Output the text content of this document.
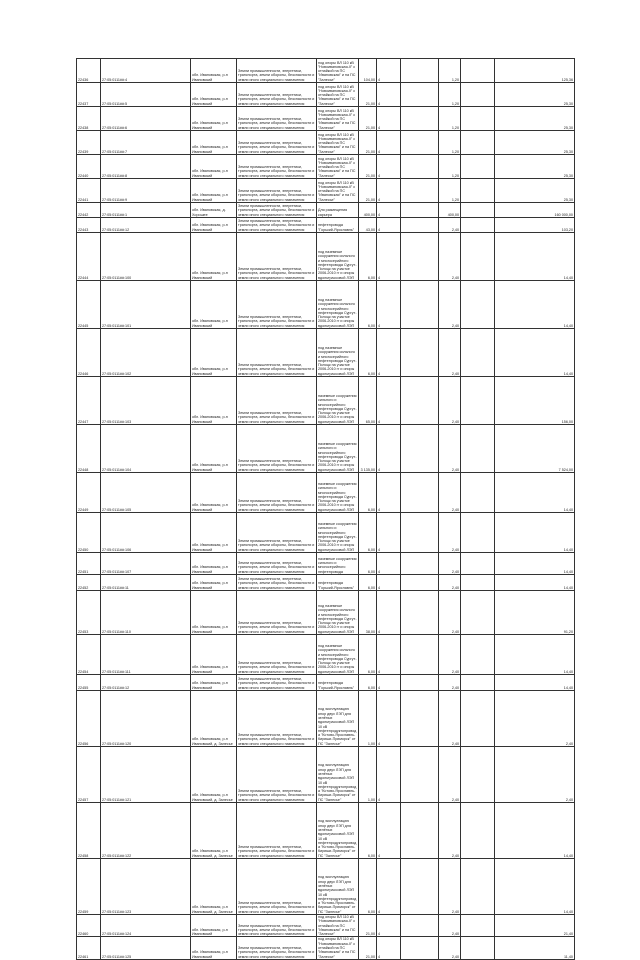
22436	27:05:0111##:4	обл. Ивановская, р-н Ивановский	Земли промышленности, энергетики, транспорта, земли обороны, безопасности и земли иного специального назначения	под опоры ВЛ 110 кВ "Новоивановская-II" с отпайкой на ПС "Ивановская" и на ПС "Залесье"	104,00	4		1,20		125,36
22437	27:05:0111##:5	обл. Ивановская, р-н Ивановский	Земли промышленности, энергетики, транспорта, земли обороны, безопасности и земли иного специального назначения	под опоры ВЛ 110 кВ "Новоивановская-II" с отпайкой на ПС "Ивановская" и на ПС "Залесье"	21,00	4		1,20		25,30
22438	27:05:0111##:6	обл. Ивановская, р-н Ивановский	Земли промышленности, энергетики, транспорта, земли обороны, безопасности и земли иного специального назначения	под опоры ВЛ 110 кВ "Новоивановская-II" с отпайкой на ПС "Ивановская" и на ПС "Залесье"	21,00	4		1,20		25,30
22439	27:05:0111##:7	обл. Ивановская, р-н Ивановский	Земли промышленности, энергетики, транспорта, земли обороны, безопасности и земли иного специального назначения	под опоры ВЛ 110 кВ "Новоивановская-II" с отпайкой на ПС "Ивановская" и на ПС "Залесье"	21,00	4		1,20		25,30
22440	27:05:0111##:8	обл. Ивановская, р-н Ивановский	Земли промышленности, энергетики, транспорта, земли обороны, безопасности и земли иного специального назначения	под опоры ВЛ 110 кВ "Новоивановская-II" с отпайкой на ПС "Ивановская" и на ПС "Залесье"	21,00	4		1,20		25,30
22441	27:05:0111##:9	обл. Ивановская, р-н Ивановский	Земли промышленности, энергетики, транспорта, земли обороны, безопасности и земли иного специального назначения	под опоры ВЛ 110 кВ "Новоивановская-II" с отпайкой на ПС "Ивановская" и на ПС "Залесье"	21,00	4		1,20		25,30
22442	27:05:0111##:1	обл. Ивановская, д. Хорошее	Земли промышленности, энергетики, транспорта, земли обороны, безопасности и земли иного специального назначения	Для размещения карьера	400,00	4		400,00		160 000,00
22443	27:05:0111##:12	обл. Ивановская, р-н Ивановский	Земли промышленности, энергетики, транспорта, земли обороны, безопасности и земли иного специального назначения	нефтепровода "Горький-Ярославль"	43,00	4		2,40		103,20
22444	27:05:0111##:100	обл. Ивановская, р-н Ивановский	Земли промышленности, энергетики, транспорта, земли обороны, безопасности и земли иного специального назначения	под наземные сооружения сильного и многосерийного нефтепровода Сургут-Полоцк на участке 2006-2010 гг и опоры вдольтрассовой ЛЭП	6,00	4		2,40		14,40
22445	27:05:0111##:101	обл. Ивановская, р-н Ивановский	Земли промышленности, энергетики, транспорта, земли обороны, безопасности и земли иного специального назначения	под наземные сооружения сильного и многосерийного нефтепровода Сургут-Полоцк на участке 2006-2010 гг и опоры вдольтрассовой ЛЭП	6,00	4		2,40		14,40
22446	27:05:0111##:102	обл. Ивановская, р-н Ивановский	Земли промышленности, энергетики, транспорта, земли обороны, безопасности и земли иного специального назначения	под наземные сооружения сильного и многосерийного нефтепровода Сургут-Полоцк на участке 2006-2010 гг и опоры вдольтрассовой ЛЭП	6,00	4		2,40		14,40
22447	27:05:0111##:103	обл. Ивановская, р-н Ивановский	Земли промышленности, энергетики, транспорта, земли обороны, безопасности и земли иного специального назначения	наземные сооружения сильного и многосерийного нефтепровода Сургут-Полоцк на участке 2006-2010 гг и опоры вдольтрассовой ЛЭП	65,00	4		2,40		156,00
22448	27:05:0111##:104	обл. Ивановская, р-н Ивановский	Земли промышленности, энергетики, транспорта, земли обороны, безопасности и земли иного специального назначения	наземные сооружения сильного и многосерийного нефтепровода Сургут-Полоцк на участке 2006-2010 гг и опоры вдольтрассовой ЛЭП	3 135,00	4		2,40		7 524,00
22449	27:05:0111##:105	обл. Ивановская, р-н Ивановский	Земли промышленности, энергетики, транспорта, земли обороны, безопасности и земли иного специального назначения	наземные сооружения сильного и многосерийного нефтепровода Сургут-Полоцк на участке 2006-2010 гг и опоры вдольтрассовой ЛЭП	6,00	4		2,40		14,40
22450	27:05:0111##:106	обл. Ивановская, р-н Ивановский	Земли промышленности, энергетики, транспорта, земли обороны, безопасности и земли иного специального назначения	наземные сооружения сильного и многосерийного нефтепровода Сургут-Полоцк на участке 2006-2010 гг и опоры вдольтрассовой ЛЭП	6,00	4		2,40		14,40
22451	27:05:0111##:107	обл. Ивановская, р-н Ивановский	Земли промышленности, энергетики, транспорта, земли обороны, безопасности и земли иного специального назначения	наземные сооружения сильного и многосерийного нефтепровода	6,00	4		2,40		14,40
22452	27:05:0111##:11	обл. Ивановская, р-н Ивановский	Земли промышленности, энергетики, транспорта, земли обороны, безопасности и земли иного специального назначения	нефтепровода "Горький-Ярославль"	6,00	4		2,40		14,40
22453	27:05:0111##:110	обл. Ивановская, р-н Ивановский	Земли промышленности, энергетики, транспорта, земли обороны, безопасности и земли иного специального назначения	под наземные сооружения сильного и многосерийного нефтепровода Сургут-Полоцк на участке 2006-2010 гг и опоры вдольтрассовой ЛЭП	38,00	4		2,40		91,20
22454	27:05:0111##:111	обл. Ивановская, р-н Ивановский	Земли промышленности, энергетики, транспорта, земли обороны, безопасности и земли иного специального назначения	под наземные сооружения сильного и многосерийного нефтепровода Сургут-Полоцк на участке 2006-2010 гг и опоры вдольтрассовой ЛЭП	6,00	4		2,40		14,40
22455	27:05:0111##:12	обл. Ивановская, р-н Ивановский	Земли промышленности, энергетики, транспорта, земли обороны, безопасности и земли иного специального назначения	нефтепровода "Горький-Ярославль"	6,00	4		2,40		14,40
22456	27:05:0111##:120	обл. Ивановская, р-н Ивановский, д. Залесье	Земли промышленности, энергетики, транспорта, земли обороны, безопасности и земли иного специального назначения	под эксплуатацию опор двух ЛЭП для зелёных вдольтрассовой ЛЭП 10 кВ нефтепродуктопровода "Кстово-Ярославль-Кириши-Приморск" от ПС "Залесье"	1,00	4		2,40		2,40
22457	27:05:0111##:121	обл. Ивановская, р-н Ивановский, д. Залесье	Земли промышленности, энергетики, транспорта, земли обороны, безопасности и земли иного специального назначения	под эксплуатацию опор двух ЛЭП для зелёных вдольтрассовой ЛЭП 10 кВ нефтепродуктопровода "Кстово-Ярославль-Кириши-Приморск" от ПС "Залесье"	1,00	4		2,40		2,40
22458	27:05:0111##:122	обл. Ивановская, р-н Ивановский, д. Залесье	Земли промышленности, энергетики, транспорта, земли обороны, безопасности и земли иного специального назначения	под эксплуатацию опор двух ЛЭП для зелёных вдольтрассовой ЛЭП 10 кВ нефтепродуктопровода "Кстово-Ярославль-Кириши-Приморск" от ПС "Залесье"	6,00	4		2,40		14,40
22459	27:05:0111##:123	обл. Ивановская, р-н Ивановский, д. Залесье	Земли промышленности, энергетики, транспорта, земли обороны, безопасности и земли иного специального назначения	под эксплуатацию опор двух ЛЭП для зелёных вдольтрассовой ЛЭП 10 кВ нефтепродуктопровода "Кстово-Ярославль-Кириши-Приморск" от ПС "Залесье"	6,00	4		2,40		14,40
22460	27:05:0111##:124	обл. Ивановская, р-н Ивановский	Земли промышленности, энергетики, транспорта, земли обороны, безопасности и земли иного специального назначения	под опоры ВЛ 110 кВ "Новоивановская-II" с отпайкой на ПС "Ивановская" и на ПС "Залесье"	21,00	4		2,40		21,40
22461	27:05:0111##:125	обл. Ивановская, р-н Ивановский	Земли промышленности, энергетики, транспорта, земли обороны, безопасности и земли иного специального назначения	под опоры ВЛ 110 кВ "Новоивановская-II" с отпайкой на ПС "Ивановская" и на ПС "Залесье"	21,00	4		2,40		11,40
